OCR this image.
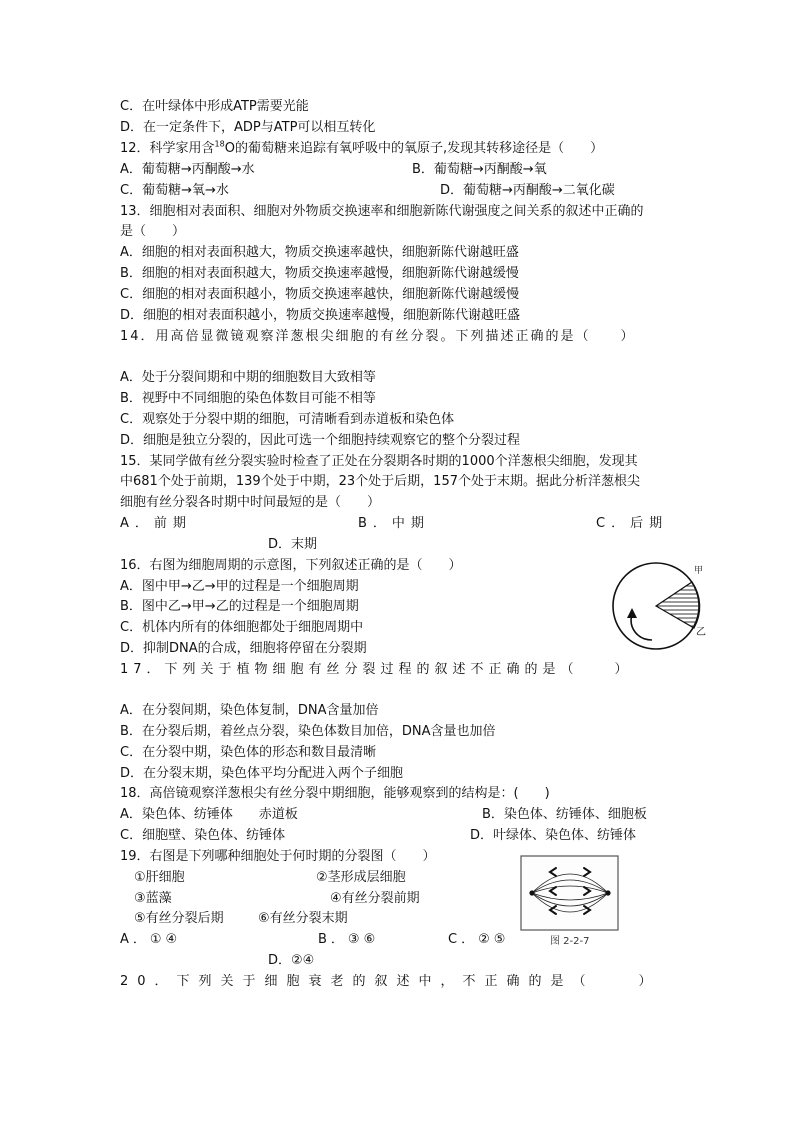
C．在叶绿体中形成ATP需要光能
D．在一定条件下，ADP与ATP可以相互转化
12．科学家用含$^{18}$O的葡萄糖来追踪有氧呼吸中的氧原子,发现其转移途径是（　　）
A．葡萄糖→丙酮酸→水	B．葡萄糖→丙酮酸→氧
C．葡萄糖→氧→水	D．葡萄糖→丙酮酸→二氧化碳
13．细胞相对表面积、细胞对外物质交换速率和细胞新陈代谢强度之间关系的叙述中正确的
是（　　）
A．细胞的相对表面积越大，物质交换速率越快，细胞新陈代谢越旺盛
B．细胞的相对表面积越大，物质交换速率越慢，细胞新陈代谢越缓慢
C．细胞的相对表面积越小，物质交换速率越快，细胞新陈代谢越缓慢
D．细胞的相对表面积越小，物质交换速率越慢，细胞新陈代谢越旺盛
14．用高倍显微镜观察洋葱根尖细胞的有丝分裂。下列描述正确的是（　　）
A．处于分裂间期和中期的细胞数目大致相等
B．视野中不同细胞的染色体数目可能不相等
C．观察处于分裂中期的细胞，可清晰看到赤道板和染色体
D．细胞是独立分裂的，因此可选一个细胞持续观察它的整个分裂过程
15．某同学做有丝分裂实验时检查了正处在分裂期各时期的1000个洋葱根尖细胞，发现其
中681个处于前期，139个处于中期，23个处于后期，157个处于末期。据此分析洋葱根尖
细胞有丝分裂各时期中时间最短的是（　　）
A．前期	B．中期	C．后期
D．末期
16．右图为细胞周期的示意图，下列叙述正确的是（　　）
A．图中甲→乙→甲的过程是一个细胞周期
B．图中乙→甲→乙的过程是一个细胞周期
C．机体内所有的体细胞都处于细胞周期中
D．抑制DNA的合成，细胞将停留在分裂期
甲
乙
17．下列关于植物细胞有丝分裂过程的叙述不正确的是（　　）
A．在分裂间期，染色体复制，DNA含量加倍
B．在分裂后期，着丝点分裂，染色体数目加倍，DNA含量也加倍
C．在分裂中期，染色体的形态和数目最清晰
D．在分裂末期，染色体平均分配进入两个子细胞
18．高倍镜观察洋葱根尖有丝分裂中期细胞，能够观察到的结构是：(　　)
A．染色体、纺锤体　　赤道板	B．染色体、纺锤体、细胞板
C．细胞壁、染色体、纺锤体	D．叶绿体、染色体、纺锤体
19．右图是下列哪种细胞处于何时期的分裂图（　　）
①肝细胞	②茎形成层细胞
③蓝藻	④有丝分裂前期
⑤有丝分裂后期	⑥有丝分裂末期
A．①④	B．③⑥	C．②⑤
D．②④
图 2-2-7
20．下列关于细胞衰老的叙述中，不正确的是（　　）
